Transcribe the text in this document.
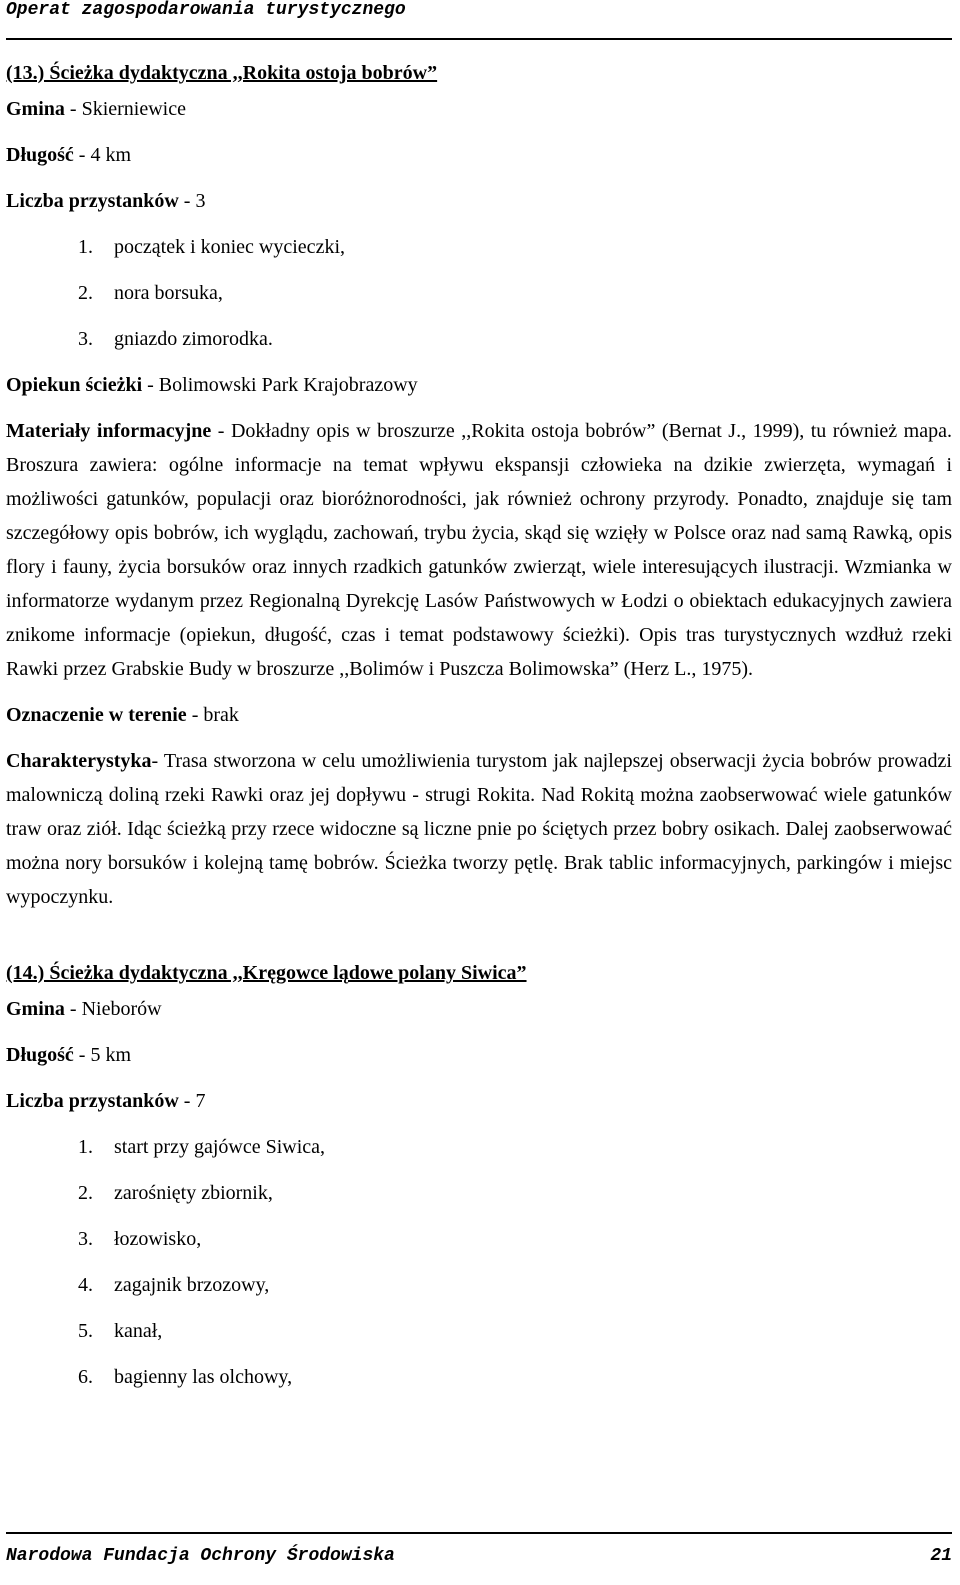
Operat zagospodarowania turystycznego
(13.) Ścieżka dydaktyczna ,,Rokita ostoja bobrów”
Gmina - Skierniewice
Długość - 4 km
Liczba przystanków - 3
1. początek i koniec wycieczki,
2. nora borsuka,
3. gniazdo zimorodka.
Opiekun ścieżki - Bolimowski Park Krajobrazowy

Materiały informacyjne - Dokładny opis w broszurze ,,Rokita ostoja bobrów” (Bernat J., 1999), tu również mapa. Broszura zawiera: ogólne informacje na temat wpływu ekspansji człowieka na dzikie zwierzęta, wymagań i możliwości gatunków, populacji oraz bioróżnorodności, jak również ochrony przyrody. Ponadto, znajduje się tam szczegółowy opis bobrów, ich wyglądu, zachowań, trybu życia, skąd się wzięły w Polsce oraz nad samą Rawką, opis flory i fauny, życia borsuków oraz innych rzadkich gatunków zwierząt, wiele interesujących ilustracji. Wzmianka w informatorze wydanym przez Regionalną Dyrekcję Lasów Państwowych w Łodzi o obiektach edukacyjnych zawiera znikome informacje (opiekun, długość, czas i temat podstawowy ścieżki). Opis tras turystycznych wzdłuż rzeki Rawki przez Grabskie Budy w broszurze ,,Bolimów i Puszcza Bolimowska” (Herz L., 1975).

Oznaczenie w terenie - brak

Charakterystyka- Trasa stworzona w celu umożliwienia turystom jak najlepszej obserwacji życia bobrów prowadzi malowniczą doliną rzeki Rawki oraz jej dopływu - strugi Rokita. Nad Rokitą można zaobserwować wiele gatunków traw oraz ziół. Idąc ścieżką przy rzece widoczne są liczne pnie po ściętych przez bobry osikach. Dalej zaobserwować można nory borsuków i kolejną tamę bobrów. Ścieżka tworzy pętlę. Brak tablic informacyjnych, parkingów i miejsc wypoczynku.

(14.) Ścieżka dydaktyczna ,,Kręgowce lądowe polany Siwica”
Gmina - Nieborów
Długość - 5 km
Liczba przystanków - 7
1. start przy gajówce Siwica,
2. zarośnięty zbiornik,
3. łozowisko,
4. zagajnik brzozowy,
5. kanał,
6. bagienny las olchowy,
Narodowa Fundacja Ochrony Środowiska	21
